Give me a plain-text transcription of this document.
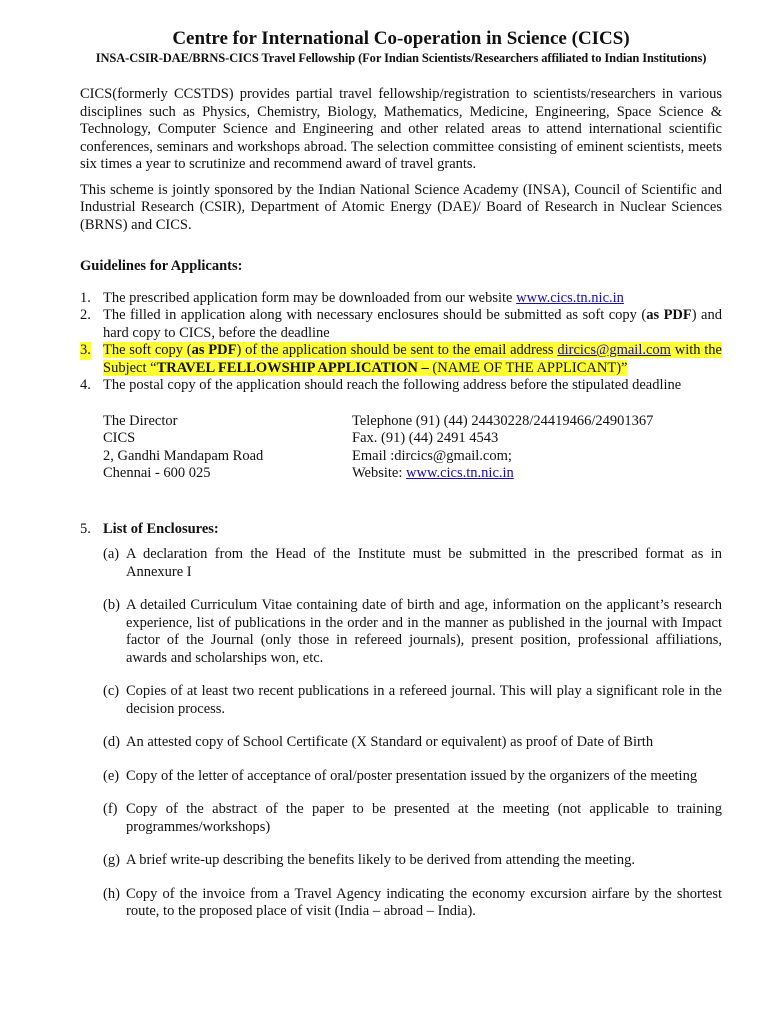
Centre for International Co-operation in Science (CICS)
INSA-CSIR-DAE/BRNS-CICS Travel Fellowship (For Indian Scientists/Researchers affiliated to Indian Institutions)

CICS(formerly CCSTDS) provides partial travel fellowship/registration to scientists/researchers in various disciplines such as Physics, Chemistry, Biology, Mathematics, Medicine, Engineering, Space Science & Technology, Computer Science and Engineering and other related areas to attend international scientific conferences, seminars and workshops abroad. The selection committee consisting of eminent scientists, meets six times a year to scrutinize and recommend award of travel grants.

This scheme is jointly sponsored by the Indian National Science Academy (INSA), Council of Scientific and Industrial Research (CSIR), Department of Atomic Energy (DAE)/ Board of Research in Nuclear Sciences (BRNS) and CICS.

Guidelines for Applicants:
1. The prescribed application form may be downloaded from our website www.cics.tn.nic.in
2. The filled in application along with necessary enclosures should be submitted as soft copy (as PDF) and hard copy to CICS, before the deadline
3. The soft copy (as PDF) of the application should be sent to the email address dircics@gmail.com with the Subject “TRAVEL FELLOWSHIP APPLICATION – (NAME OF THE APPLICANT)”
4. The postal copy of the application should reach the following address before the stipulated deadline
The Director
CICS
2, Gandhi Mandapam Road
Chennai - 600 025
Telephone (91) (44) 24430228/24419466/24901367
Fax. (91) (44) 2491 4543
Email :dircics@gmail.com;
Website: www.cics.tn.nic.in
5. List of Enclosures:
(a) A declaration from the Head of the Institute must be submitted in the prescribed format as in Annexure I
(b) A detailed Curriculum Vitae containing date of birth and age, information on the applicant’s research experience, list of publications in the order and in the manner as published in the journal with Impact factor of the Journal (only those in refereed journals), present position, professional affiliations, awards and scholarships won, etc.
(c) Copies of at least two recent publications in a refereed journal. This will play a significant role in the decision process.
(d) An attested copy of School Certificate (X Standard or equivalent) as proof of Date of Birth
(e) Copy of the letter of acceptance of oral/poster presentation issued by the organizers of the meeting
(f) Copy of the abstract of the paper to be presented at the meeting (not applicable to training programmes/workshops)
(g) A brief write-up describing the benefits likely to be derived from attending the meeting.
(h) Copy of the invoice from a Travel Agency indicating the economy excursion airfare by the shortest route, to the proposed place of visit (India – abroad – India).
